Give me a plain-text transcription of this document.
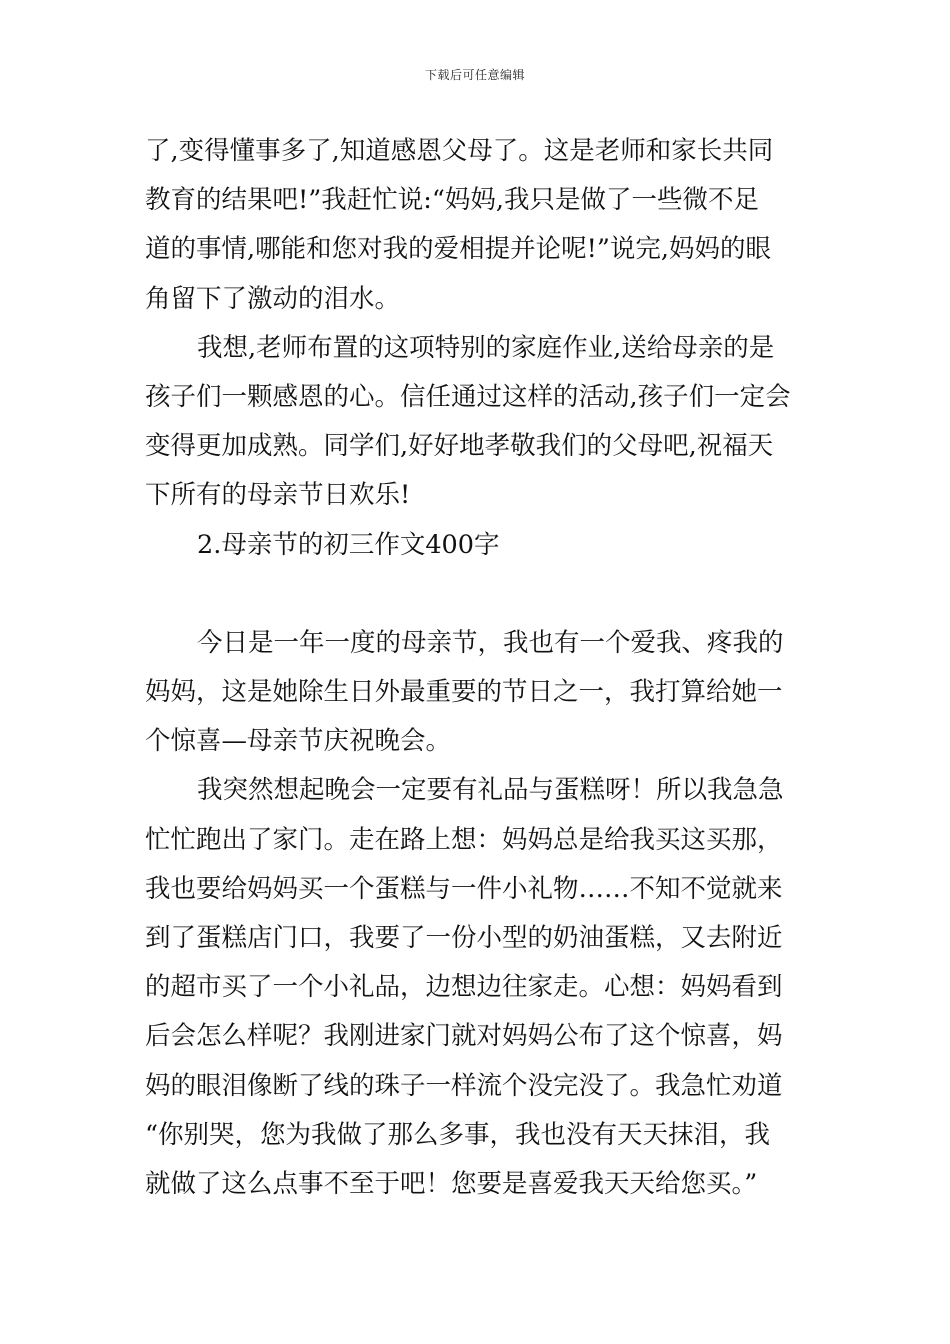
下载后可任意编辑
了,变得懂事多了,知道感恩父母了。这是老师和家长共同
教育的结果吧!”我赶忙说:“妈妈,我只是做了一些微不足
道的事情,哪能和您对我的爱相提并论呢!”说完,妈妈的眼
角留下了激动的泪水。
我想,老师布置的这项特别的家庭作业,送给母亲的是
孩子们一颗感恩的心。信任通过这样的活动,孩子们一定会
变得更加成熟。同学们,好好地孝敬我们的父母吧,祝福天
下所有的母亲节日欢乐!
2.母亲节的初三作文400字
今日是一年一度的母亲节，我也有一个爱我、疼我的
妈妈，这是她除生日外最重要的节日之一，我打算给她一
个惊喜—母亲节庆祝晚会。
我突然想起晚会一定要有礼品与蛋糕呀！所以我急急
忙忙跑出了家门。走在路上想：妈妈总是给我买这买那，
我也要给妈妈买一个蛋糕与一件小礼物……不知不觉就来
到了蛋糕店门口，我要了一份小型的奶油蛋糕，又去附近
的超市买了一个小礼品，边想边往家走。心想：妈妈看到
后会怎么样呢？我刚进家门就对妈妈公布了这个惊喜，妈
妈的眼泪像断了线的珠子一样流个没完没了。我急忙劝道
“你别哭，您为我做了那么多事，我也没有天天抹泪，我
就做了这么点事不至于吧！您要是喜爱我天天给您买。”
